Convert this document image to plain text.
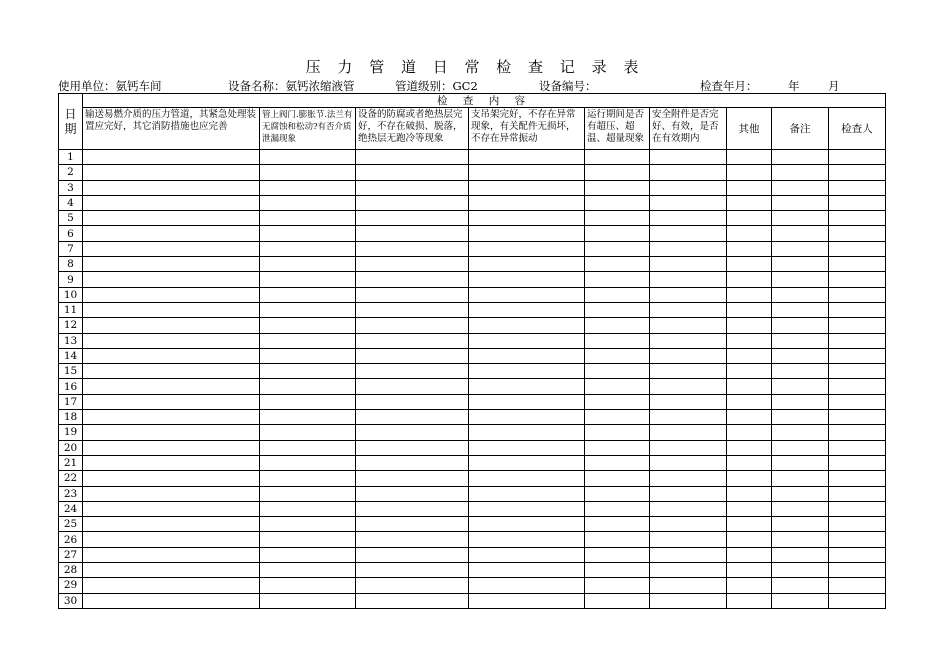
压 力 管 道 日 常 检 查 记 录 表
使用单位：氨钙车间	设备名称：氨钙浓缩液管	管道级别：GC2	设备编号：	检查年月：	年 月
日期	检 查 内 容								
	输送易燃介质的压力管道，其紧急处理装置应完好，其它消防措施也应完善	管上阀门.膨胀节.法兰有无腐蚀和松动?有否介质泄漏现象	设备的防腐或者绝热层完好，不存在破损、脱落，绝热层无跑冷等现象	支吊架完好，不存在异常现象，有关配件无损坏，不存在异常振动	运行期间是否有超压、超温、超量现象	安全附件是否完好、有效，是否在有效期内	其他	备注	检查人
1									
2									
3									
4									
5									
6									
7									
8									
9									
10									
11									
12									
13									
14									
15									
16									
17									
18									
19									
20									
21									
22									
23									
24									
25									
26									
27									
28									
29									
30									
